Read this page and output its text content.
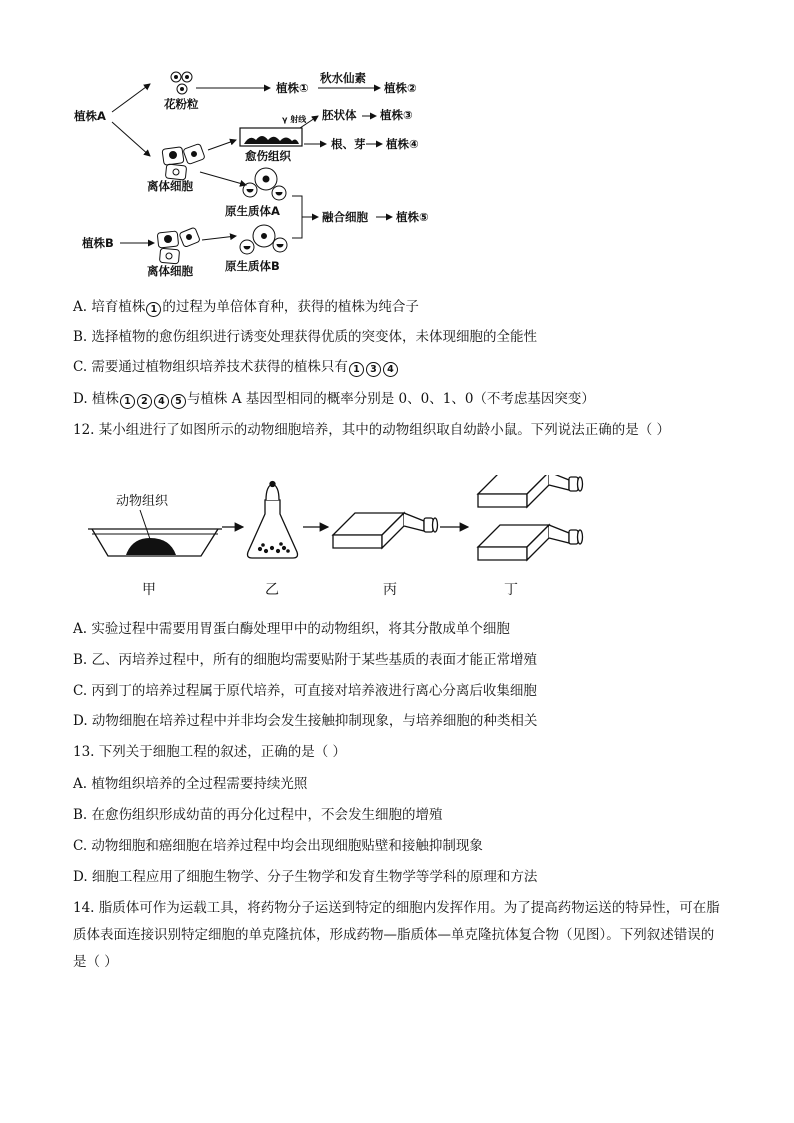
植株A
植株B
花粉粒
离体细胞
离体细胞
愈伤组织
原生质体A
原生质体B
植株①
秋水仙素
植株②
γ 射线 胚状体 植株③
根、芽 植株④
融合细胞 植株⑤
A. 培育植株 1 的过程为单倍体育种，获得的植株为纯合子
B. 选择植物的愈伤组织进行诱变处理获得优质的突变体，未体现细胞的全能性
C. 需要通过植物组织培养技术获得的植株只有 1 3 4
D. 植株 1 2 4 5 与植株 A 基因型相同的概率分别是 0、0、1、0（不考虑基因突变）
12. 某小组进行了如图所示的动物细胞培养，其中的动物组织取自幼龄小鼠。下列说法正确的是（ ）
动物组织
甲	乙	丙	丁
A. 实验过程中需要用胃蛋白酶处理甲中的动物组织，将其分散成单个细胞
B. 乙、丙培养过程中，所有的细胞均需要贴附于某些基质的表面才能正常增殖
C. 丙到丁的培养过程属于原代培养，可直接对培养液进行离心分离后收集细胞
D. 动物细胞在培养过程中并非均会发生接触抑制现象，与培养细胞的种类相关
13. 下列关于细胞工程的叙述，正确的是（ ）
A. 植物组织培养的全过程需要持续光照
B. 在愈伤组织形成幼苗的再分化过程中，不会发生细胞的增殖
C. 动物细胞和癌细胞在培养过程中均会出现细胞贴壁和接触抑制现象
D. 细胞工程应用了细胞生物学、分子生物学和发育生物学等学科的原理和方法
14. 脂质体可作为运载工具，将药物分子运送到特定的细胞内发挥作用。为了提高药物运送的特异性，可在脂质体表面连接识别特定细胞的单克隆抗体，形成药物—脂质体—单克隆抗体复合物（见图）。下列叙述错误的是（ ）
